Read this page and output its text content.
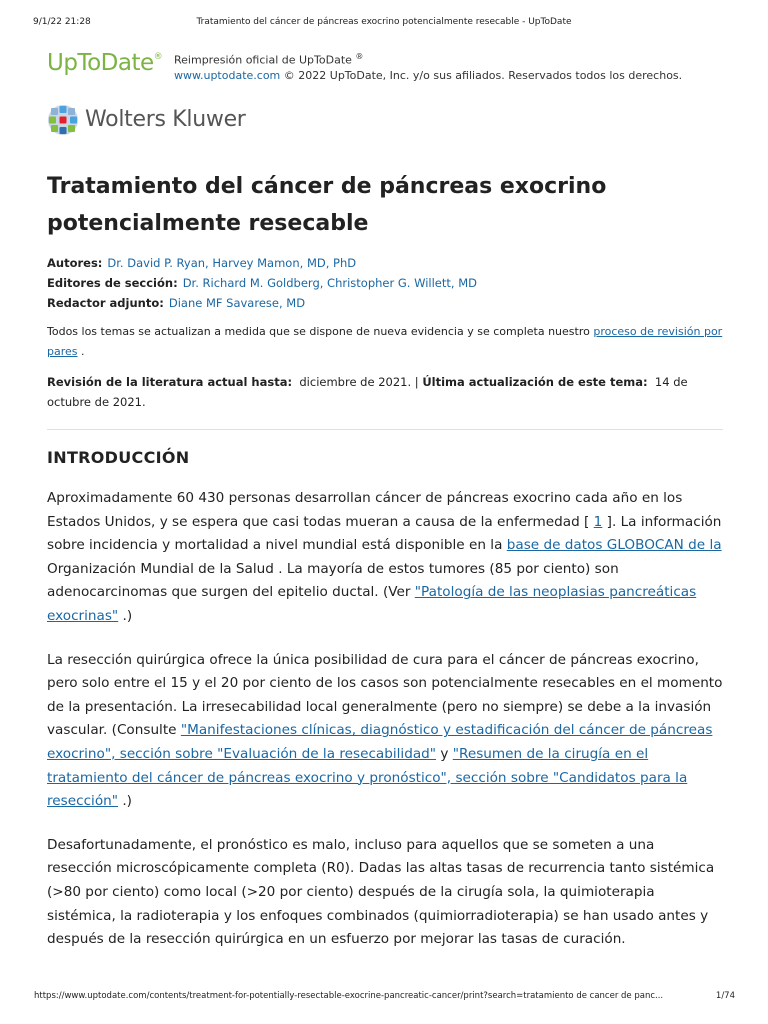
9/1/22 21:28	Tratamiento del cáncer de páncreas exocrino potencialmente resecable - UpToDate
UpToDate® Reimpresión oficial de UpToDate ®
www.uptodate.com © 2022 UpToDate, Inc. y/o sus afiliados. Reservados todos los derechos.
Wolters Kluwer
Tratamiento del cáncer de páncreas exocrino potencialmente resecable
Autores: Dr. David P. Ryan, Harvey Mamon, MD, PhD
Editores de sección: Dr. Richard M. Goldberg, Christopher G. Willett, MD
Redactor adjunto: Diane MF Savarese, MD
Todos los temas se actualizan a medida que se dispone de nueva evidencia y se completa nuestro proceso de revisión por pares .
Revisión de la literatura actual hasta: diciembre de 2021. | Última actualización de este tema: 14 de octubre de 2021.
INTRODUCCIÓN

Aproximadamente 60 430 personas desarrollan cáncer de páncreas exocrino cada año en los Estados Unidos, y se espera que casi todas mueran a causa de la enfermedad [ 1 ]. La información sobre incidencia y mortalidad a nivel mundial está disponible en la base de datos GLOBOCAN de la Organización Mundial de la Salud . La mayoría de estos tumores (85 por ciento) son adenocarcinomas que surgen del epitelio ductal. (Ver "Patología de las neoplasias pancreáticas exocrinas" .)

La resección quirúrgica ofrece la única posibilidad de cura para el cáncer de páncreas exocrino, pero solo entre el 15 y el 20 por ciento de los casos son potencialmente resecables en el momento de la presentación. La irresecabilidad local generalmente (pero no siempre) se debe a la invasión vascular. (Consulte "Manifestaciones clínicas, diagnóstico y estadificación del cáncer de páncreas exocrino", sección sobre "Evaluación de la resecabilidad" y "Resumen de la cirugía en el tratamiento del cáncer de páncreas exocrino y pronóstico", sección sobre "Candidatos para la resección" .)

Desafortunadamente, el pronóstico es malo, incluso para aquellos que se someten a una resección microscópicamente completa (R0). Dadas las altas tasas de recurrencia tanto sistémica (>80 por ciento) como local (>20 por ciento) después de la cirugía sola, la quimioterapia sistémica, la radioterapia y los enfoques combinados (quimiorradioterapia) se han usado antes y después de la resección quirúrgica en un esfuerzo por mejorar las tasas de curación.

https://www.uptodate.com/contents/treatment-for-potentially-resectable-exocrine-pancreatic-cancer/print?search=tratamiento de cancer de panc...	1/74
